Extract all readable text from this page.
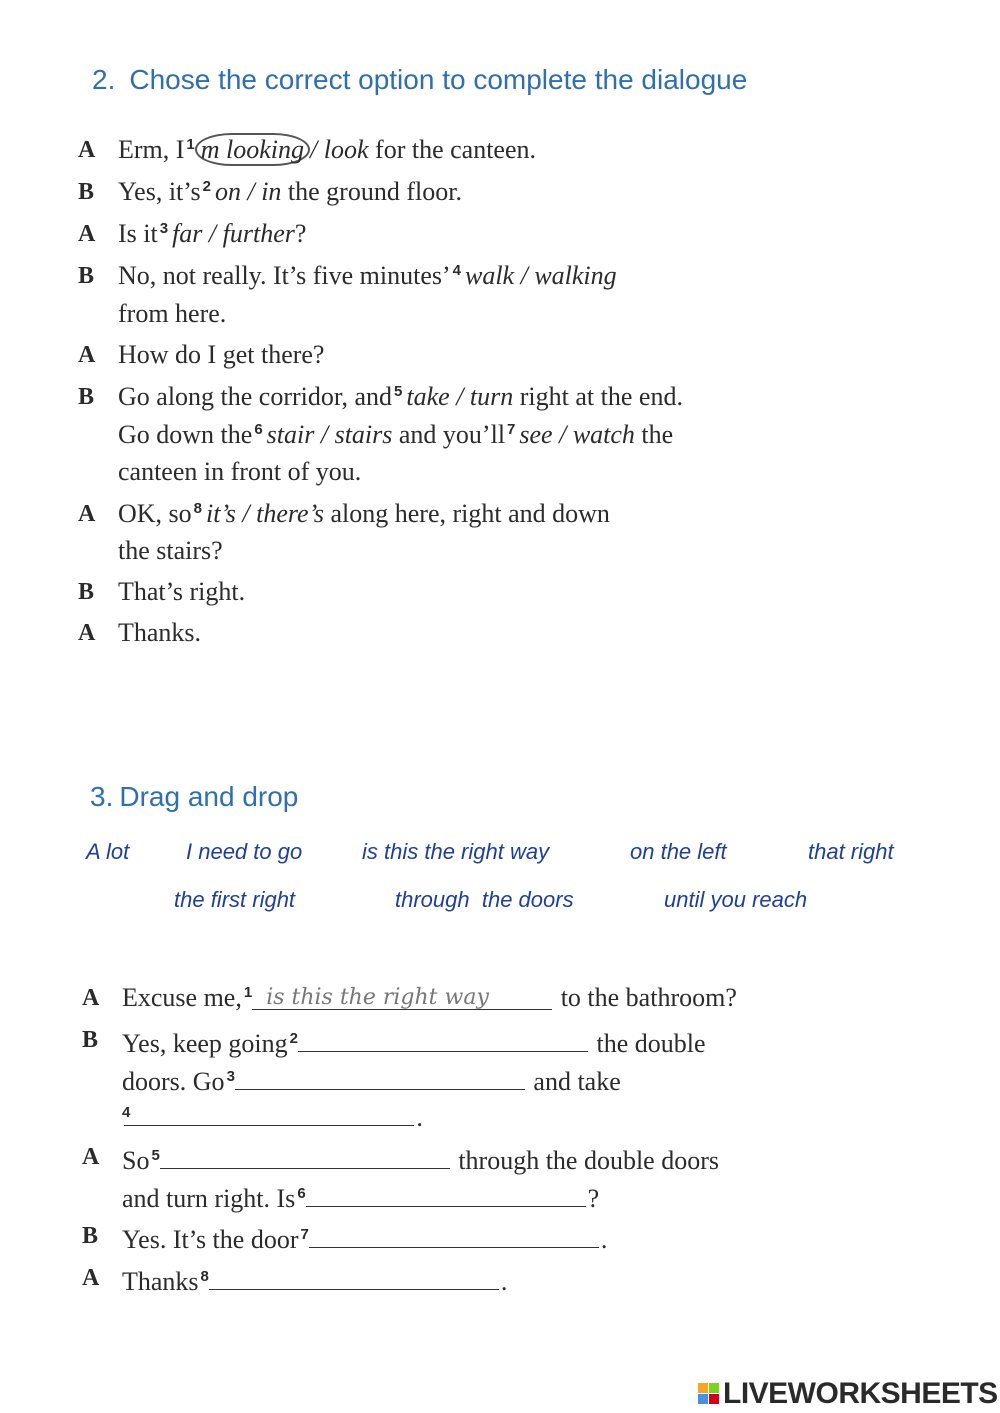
2. Chose the correct option to complete the dialogue
A Erm, I $^1$ m looking / look for the canteen.
B Yes, it’s $^2$ on / in the ground floor.
A Is it $^3$ far / further?
B No, not really. It’s five minutes’ $^4$ walk / walking
from here.
A How do I get there?
B Go along the corridor, and $^5$ take / turn right at the end.
Go down the $^6$ stair / stairs and you’ll $^7$ see / watch the
canteen in front of you.
A OK, so $^8$ it’s / there’s along here, right and down
the stairs?
B That’s right.
A Thanks.
3. Drag and drop
A lot	I need to go	is this the right way	on the left	that right
the first right	through  the doors	until you reach
A Excuse me, $^1$ is this the right way	to the bathroom?
B Yes, keep going $^2$	the double
doors. Go $^3$	and take
$^4$	.
A So $^5$	through the double doors
and turn right. Is $^6$	?
B Yes. It’s the door $^7$	.
A Thanks $^8$	.
LIVEWORKSHEETS
